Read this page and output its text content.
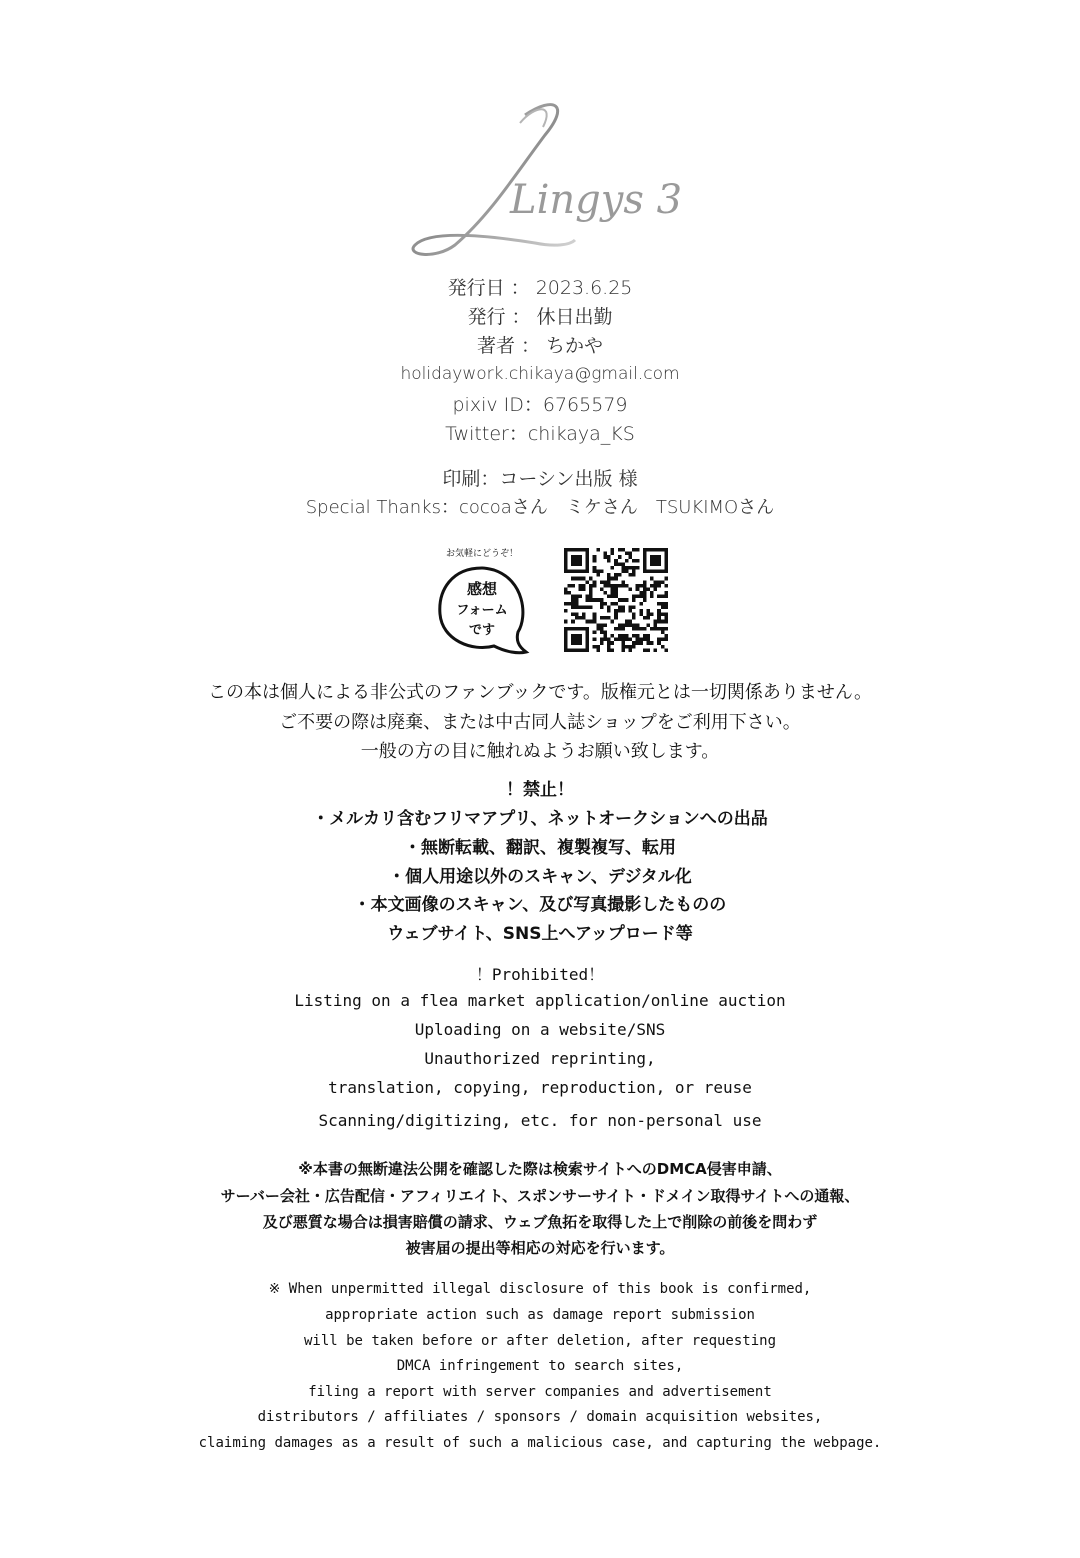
Lingys 3
発行日 ： 2023.6.25
発行 ： 休日出勤
著者 ： ちかや
holidaywork.chikaya@gmail.com
pixiv ID：6765579
Twitter：chikaya_KS
印刷：コーシン出版 様
Special Thanks：cocoaさん　ミケさん　TSUKIMOさん
お気軽にどうぞ！
感想
フォーム
です
この本は個人による非公式のファンブックです。版権元とは一切関係ありません。
ご不要の際は廃棄、または中古同人誌ショップをご利用下さい。
一般の方の目に触れぬようお願い致します。
！禁止！
・メルカリ含むフリマアプリ、ネットオークションへの出品
・無断転載、翻訳、複製複写、転用
・個人用途以外のスキャン、デジタル化
・本文画像のスキャン、及び写真撮影したものの
ウェブサイト、SNS上へアップロード等
！Prohibited！
Listing on a flea market application/online auction
Uploading on a website/SNS
Unauthorized reprinting,
translation, copying, reproduction, or reuse
Scanning/digitizing, etc. for non-personal use
※本書の無断違法公開を確認した際は検索サイトへのDMCA侵害申請、
サーバー会社・広告配信・アフィリエイト、スポンサーサイト・ドメイン取得サイトへの通報、
及び悪質な場合は損害賠償の請求、ウェブ魚拓を取得した上で削除の前後を問わず
被害届の提出等相応の対応を行います。
※ When unpermitted illegal disclosure of this book is confirmed,
appropriate action such as damage report submission
will be taken before or after deletion, after requesting
DMCA infringement to search sites,
filing a report with server companies and advertisement
distributors / affiliates / sponsors / domain acquisition websites,
claiming damages as a result of such a malicious case, and capturing the webpage.
